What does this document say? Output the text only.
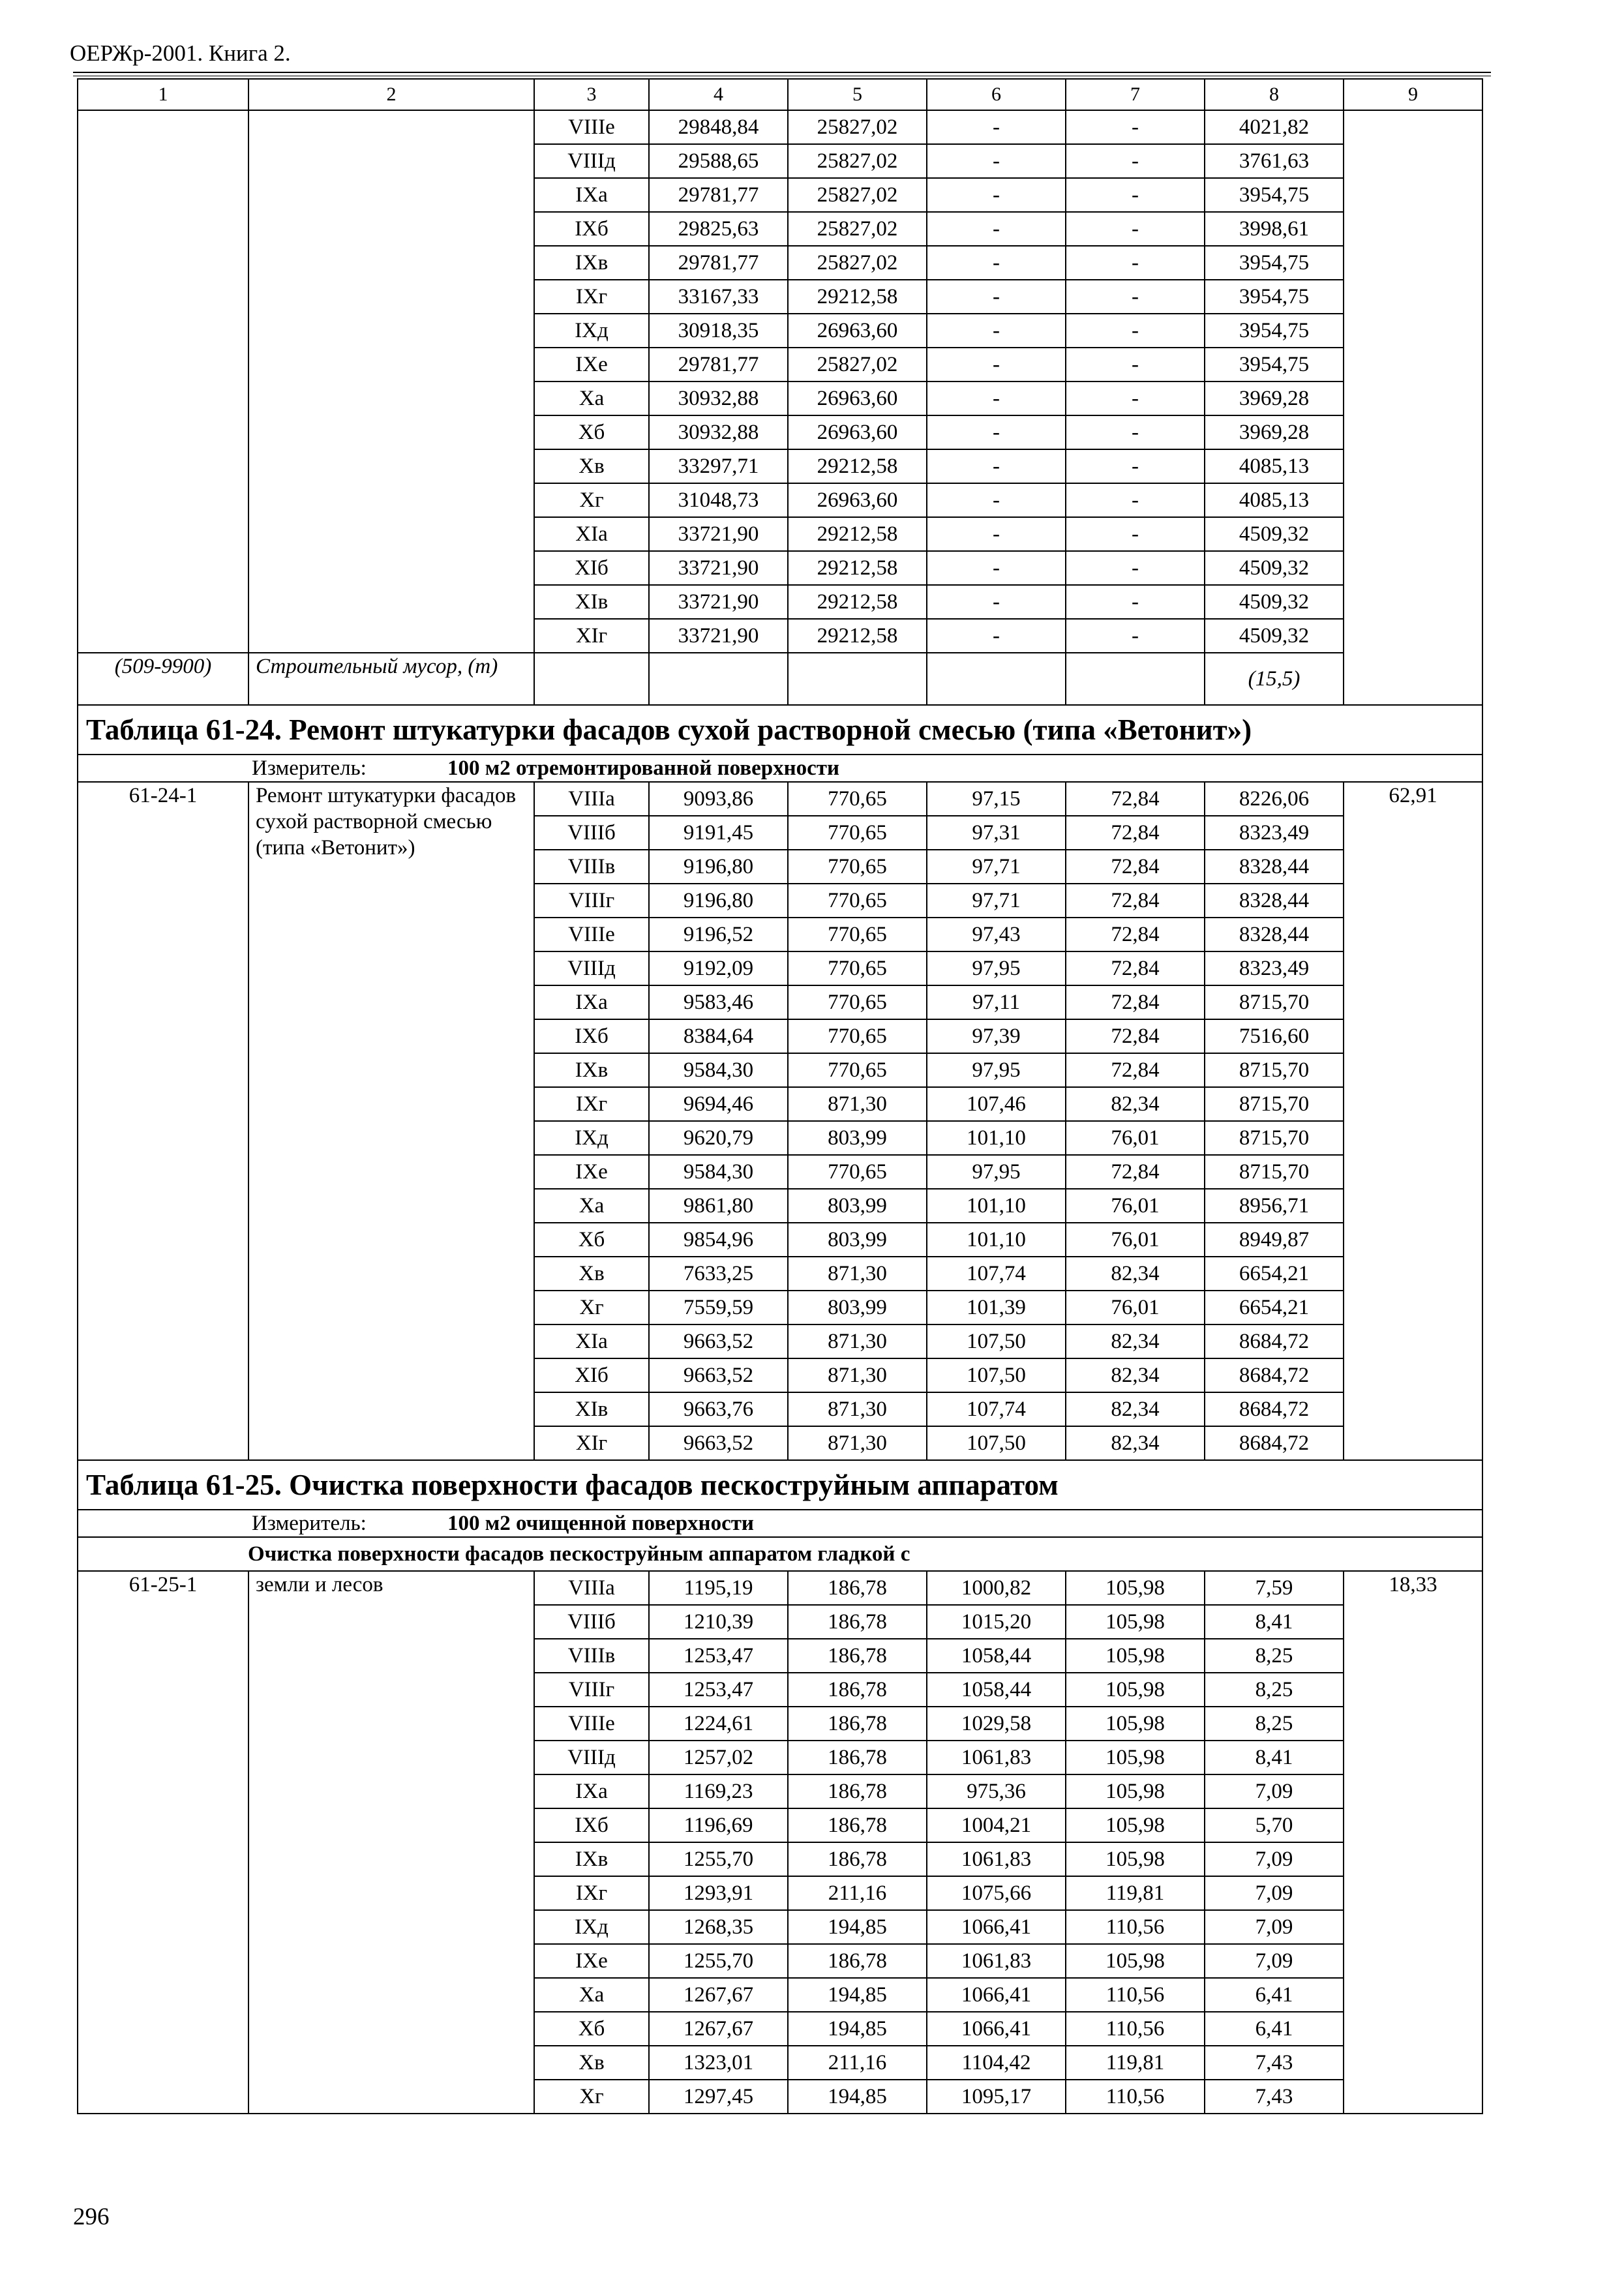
ОЕРЖр-2001. Книга 2.
1	2	3	4	5	6	7	8	9
		VIIIе	29848,84	25827,02	-	-	4021,82	
		VIIIд	29588,65	25827,02	-	-	3761,63	
		IXа	29781,77	25827,02	-	-	3954,75	
		IXб	29825,63	25827,02	-	-	3998,61	
		IXв	29781,77	25827,02	-	-	3954,75	
		IXг	33167,33	29212,58	-	-	3954,75	
		IXд	30918,35	26963,60	-	-	3954,75	
		IXе	29781,77	25827,02	-	-	3954,75	
		Xа	30932,88	26963,60	-	-	3969,28	
		Xб	30932,88	26963,60	-	-	3969,28	
		Xв	33297,71	29212,58	-	-	4085,13	
		Xг	31048,73	26963,60	-	-	4085,13	
		XIа	33721,90	29212,58	-	-	4509,32	
		XIб	33721,90	29212,58	-	-	4509,32	
		XIв	33721,90	29212,58	-	-	4509,32	
		XIг	33721,90	29212,58	-	-	4509,32	
(509-9900)	Строительный мусор, (т)						(15,5)	
Таблица 61-24. Ремонт штукатурки фасадов сухой растворной смесью (типа «Ветонит»)								
Измеритель: 100 м2 отремонтированной поверхности								
61-24-1	Ремонт штукатурки фасадов сухой растворной смесью (типа «Ветонит»)	VIIIа	9093,86	770,65	97,15	72,84	8226,06	62,91
		VIIIб	9191,45	770,65	97,31	72,84	8323,49	
		VIIIв	9196,80	770,65	97,71	72,84	8328,44	
		VIIIг	9196,80	770,65	97,71	72,84	8328,44	
		VIIIе	9196,52	770,65	97,43	72,84	8328,44	
		VIIIд	9192,09	770,65	97,95	72,84	8323,49	
		IXа	9583,46	770,65	97,11	72,84	8715,70	
		IXб	8384,64	770,65	97,39	72,84	7516,60	
		IXв	9584,30	770,65	97,95	72,84	8715,70	
		IXг	9694,46	871,30	107,46	82,34	8715,70	
		IXд	9620,79	803,99	101,10	76,01	8715,70	
		IXе	9584,30	770,65	97,95	72,84	8715,70	
		Xа	9861,80	803,99	101,10	76,01	8956,71	
		Xб	9854,96	803,99	101,10	76,01	8949,87	
		Xв	7633,25	871,30	107,74	82,34	6654,21	
		Xг	7559,59	803,99	101,39	76,01	6654,21	
		XIа	9663,52	871,30	107,50	82,34	8684,72	
		XIб	9663,52	871,30	107,50	82,34	8684,72	
		XIв	9663,76	871,30	107,74	82,34	8684,72	
		XIг	9663,52	871,30	107,50	82,34	8684,72	
Таблица 61-25. Очистка поверхности фасадов пескоструйным аппаратом								
Измеритель: 100 м2 очищенной поверхности								
Очистка поверхности фасадов пескоструйным аппаратом гладкой с								
61-25-1	земли и лесов	VIIIа	1195,19	186,78	1000,82	105,98	7,59	18,33
		VIIIб	1210,39	186,78	1015,20	105,98	8,41	
		VIIIв	1253,47	186,78	1058,44	105,98	8,25	
		VIIIг	1253,47	186,78	1058,44	105,98	8,25	
		VIIIе	1224,61	186,78	1029,58	105,98	8,25	
		VIIIд	1257,02	186,78	1061,83	105,98	8,41	
		IXа	1169,23	186,78	975,36	105,98	7,09	
		IXб	1196,69	186,78	1004,21	105,98	5,70	
		IXв	1255,70	186,78	1061,83	105,98	7,09	
		IXг	1293,91	211,16	1075,66	119,81	7,09	
		IXд	1268,35	194,85	1066,41	110,56	7,09	
		IXе	1255,70	186,78	1061,83	105,98	7,09	
		Xа	1267,67	194,85	1066,41	110,56	6,41	
		Xб	1267,67	194,85	1066,41	110,56	6,41	
		Xв	1323,01	211,16	1104,42	119,81	7,43	
		Xг	1297,45	194,85	1095,17	110,56	7,43	
296
